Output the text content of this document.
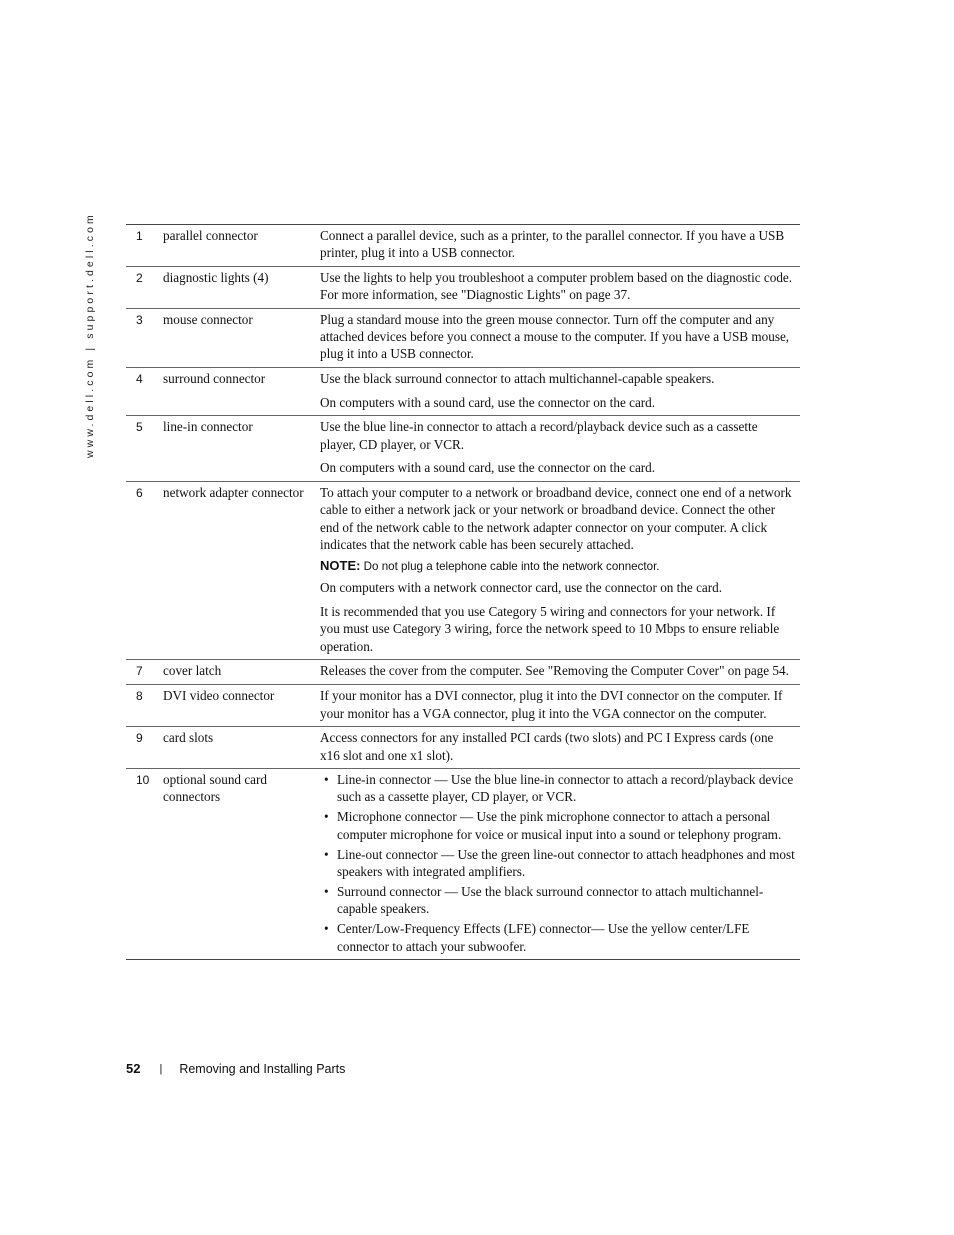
www.dell.com | support.dell.com	1	parallel connector	Connect a parallel device, such as a printer, to the parallel connector. If you have a USB printer, plug it into a USB connector.

2	diagnostic lights (4)	Use the lights to help you troubleshoot a computer problem based on the diagnostic code. For more information, see "Diagnostic Lights" on page 37.

3	mouse connector	Plug a standard mouse into the green mouse connector. Turn off the computer and any attached devices before you connect a mouse to the computer. If you have a USB mouse, plug it into a USB connector.

4	surround connector	Use the black surround connector to attach multichannel-capable speakers.

On computers with a sound card, use the connector on the card.

5	line-in connector	Use the blue line-in connector to attach a record/playback device such as a cassette player, CD player, or VCR.

On computers with a sound card, use the connector on the card.

6	network adapter connector	To attach your computer to a network or broadband device, connect one end of a network cable to either a network jack or your network or broadband device. Connect the other end of the network cable to the network adapter connector on your computer. A click indicates that the network cable has been securely attached.

NOTE: Do not plug a telephone cable into the network connector.

On computers with a network connector card, use the connector on the card.

It is recommended that you use Category 5 wiring and connectors for your network. If you must use Category 3 wiring, force the network speed to 10 Mbps to ensure reliable operation.

7	cover latch	Releases the cover from the computer. See "Removing the Computer Cover" on page 54.

8	DVI video connector	If your monitor has a DVI connector, plug it into the DVI connector on the computer. If your monitor has a VGA connector, plug it into the VGA connector on the computer.

9	card slots	Access connectors for any installed PCI cards (two slots) and PC I Express cards (one x16 slot and one x1 slot).

10	optional sound card connectors
• Line-in connector — Use the blue line-in connector to attach a record/playback device such as a cassette player, CD player, or VCR.
• Microphone connector — Use the pink microphone connector to attach a personal computer microphone for voice or musical input into a sound or telephony program.
• Line-out connector — Use the green line-out connector to attach headphones and most speakers with integrated amplifiers.
• Surround connector — Use the black surround connector to attach multichannel-capable speakers.
• Center/Low-Frequency Effects (LFE) connector— Use the yellow center/LFE connector to attach your subwoofer.
52 | Removing and Installing Parts
